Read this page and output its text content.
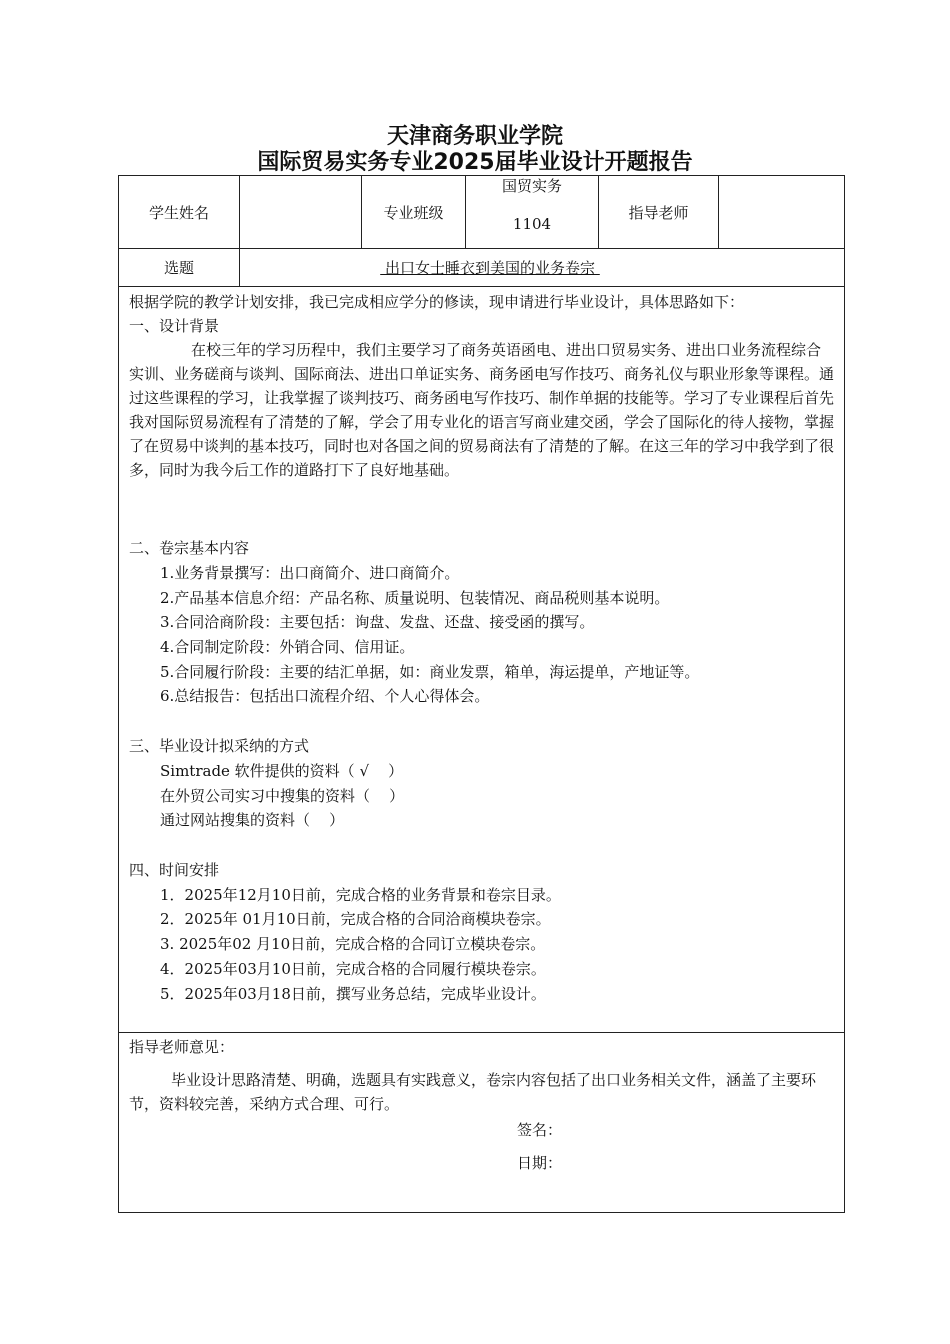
天津商务职业学院
国际贸易实务专业2025届毕业设计开题报告
学生姓名	专业班级
国贸实务
1104
指导老师
选题	出口女士睡衣到美国的业务卷宗
根据学院的教学计划安排，我已完成相应学分的修读，现申请进行毕业设计，具体思路如下：
一、设计背景
在校三年的学习历程中，我们主要学习了商务英语函电、进出口贸易实务、进出口业务流程综合实训、业务磋商与谈判、国际商法、进出口单证实务、商务函电写作技巧、商务礼仪与职业形象等课程。通过这些课程的学习，让我掌握了谈判技巧、商务函电写作技巧、制作单据的技能等。学习了专业课程后首先我对国际贸易流程有了清楚的了解，学会了用专业化的语言写商业建交函，学会了国际化的待人接物，掌握了在贸易中谈判的基本技巧，同时也对各国之间的贸易商法有了清楚的了解。在这三年的学习中我学到了很多，同时为我今后工作的道路打下了良好地基础。
二、卷宗基本内容
1.业务背景撰写：出口商简介、进口商简介。
2.产品基本信息介绍：产品名称、质量说明、包装情况、商品税则基本说明。
3.合同洽商阶段：主要包括：询盘、发盘、还盘、接受函的撰写。
4.合同制定阶段：外销合同、信用证。
5.合同履行阶段：主要的结汇单据，如：商业发票，箱单，海运提单，产地证等。
6.总结报告：包括出口流程介绍、个人心得体会。
三、毕业设计拟采纳的方式
Simtrade 软件提供的资料（ √    ）
在外贸公司实习中搜集的资料（    ）
通过网站搜集的资料（    ）
四、时间安排
1．2025年12月10日前，完成合格的业务背景和卷宗目录。
2．2025年 01月10日前，完成合格的合同洽商模块卷宗。
3. 2025年02 月10日前，完成合格的合同订立模块卷宗。
4．2025年03月10日前，完成合格的合同履行模块卷宗。
5．2025年03月18日前，撰写业务总结，完成毕业设计。
指导老师意见：
毕业设计思路清楚、明确，选题具有实践意义，卷宗内容包括了出口业务相关文件，涵盖了主要环节，资料较完善，采纳方式合理、可行。
签名：
日期：
